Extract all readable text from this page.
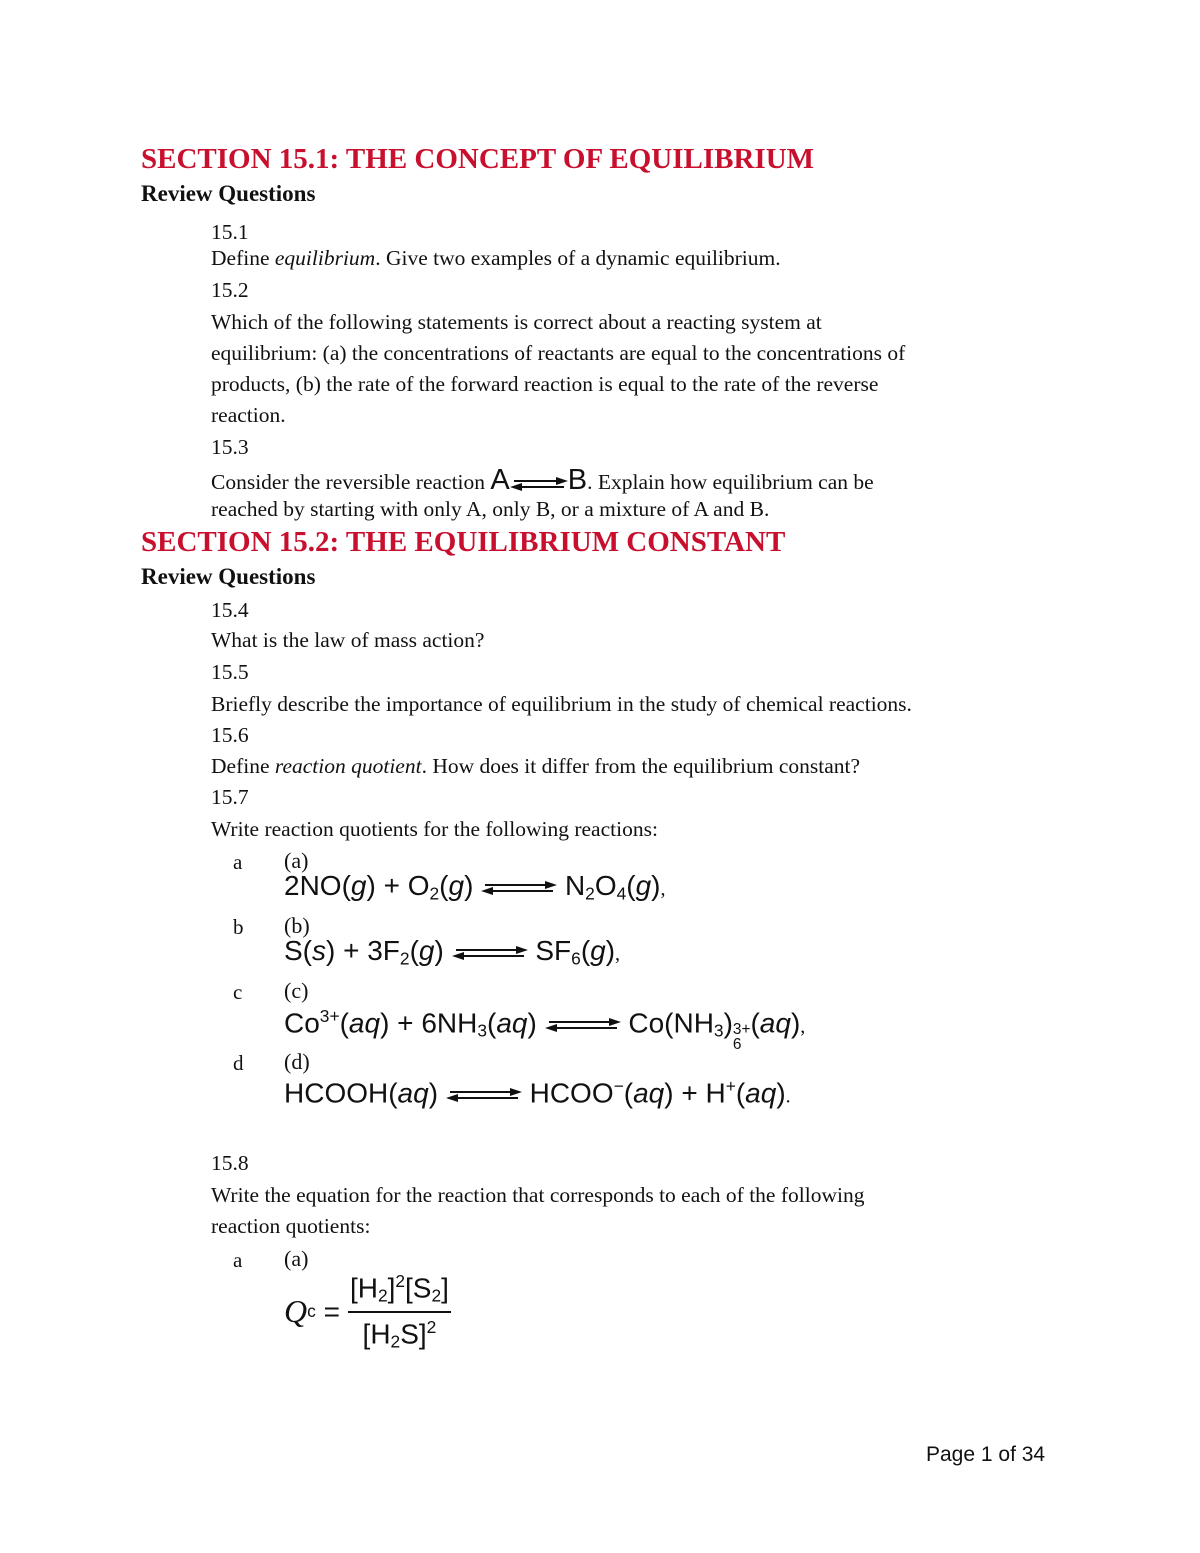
SECTION 15.1: THE CONCEPT OF EQUILIBRIUM
Review Questions
15.1
Define equilibrium. Give two examples of a dynamic equilibrium.
15.2
Which of the following statements is correct about a reacting system at
equilibrium: (a) the concentrations of reactants are equal to the concentrations of
products, (b) the rate of the forward reaction is equal to the rate of the reverse
reaction.
15.3
Consider the reversible reaction A⇌B. Explain how equilibrium can be
reached by starting with only A, only B, or a mixture of A and B.
SECTION 15.2: THE EQUILIBRIUM CONSTANT
Review Questions
15.4
What is the law of mass action?
15.5
Briefly describe the importance of equilibrium in the study of chemical reactions.
15.6
Define reaction quotient. How does it differ from the equilibrium constant?
15.7
Write reaction quotients for the following reactions:
a (a)
2NO(g) + O2(g) ⇌ N2O4(g),
b (b)
S(s) + 3F2(g) ⇌ SF6(g),
c (c)
$Co^{3+}(aq) + 6NH3(aq)$ ⇌ Co(NH3) 3+
6
(aq),
d (d)
HCOOH(aq) ⇌ HCOO−(aq) + H+(aq).
15.8
Write the equation for the reaction that corresponds to each of the following
reaction quotients:
a (a)
Q $c = \frac{[H2]^2[S2]}{[H2S]^2}$
Page 1 of 34
